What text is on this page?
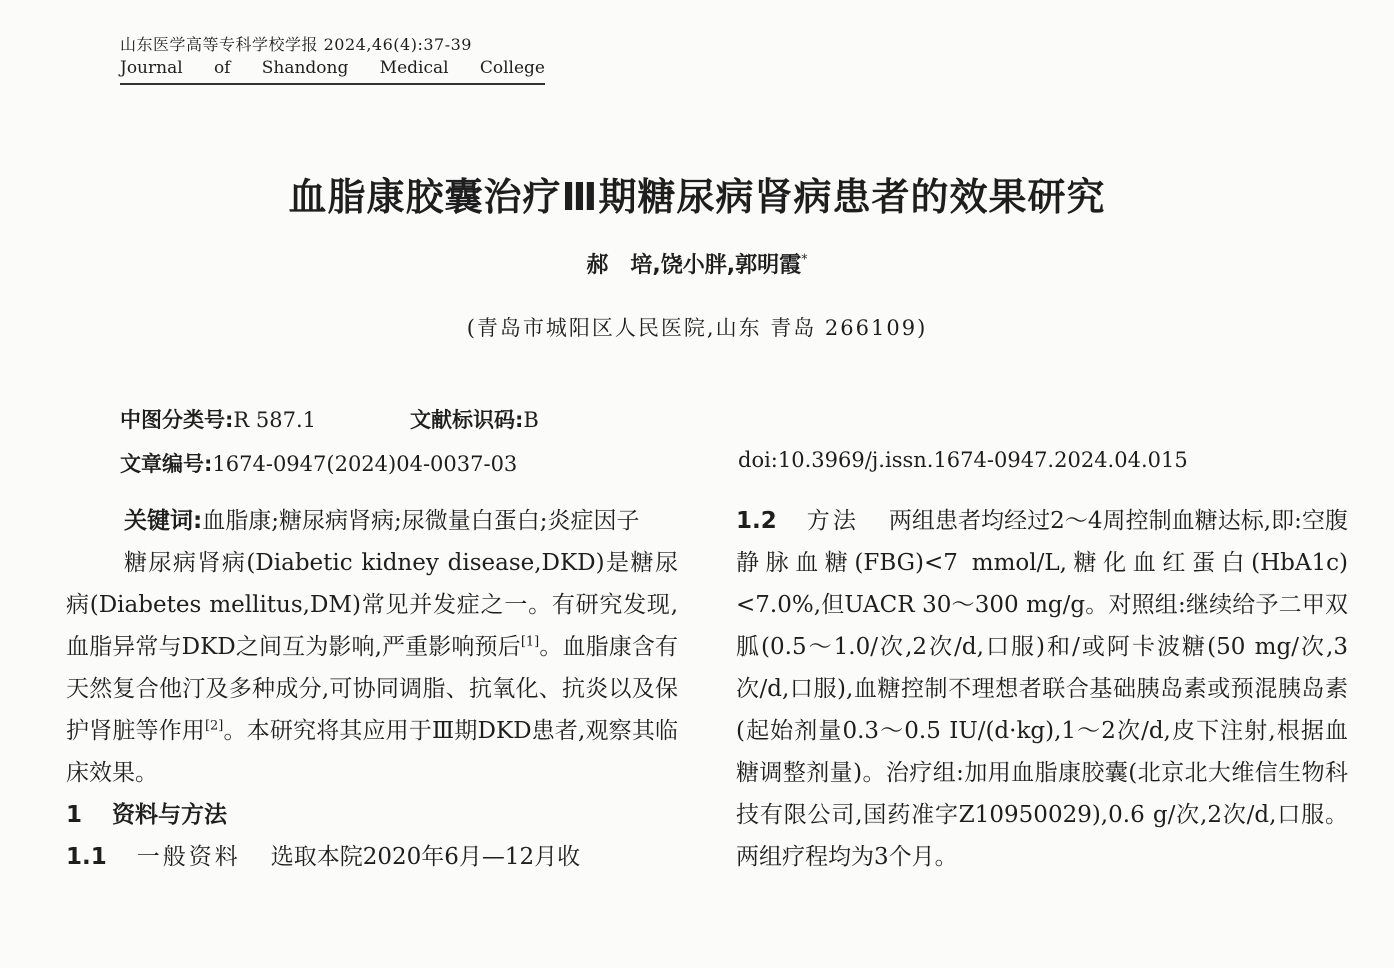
山东医学高等专科学校学报 2024,46(4):37-39
Journal of Shandong Medical College
血脂康胶囊治疗Ⅲ期糖尿病肾病患者的效果研究
郝　培,饶小胖,郭明霞*
(青岛市城阳区人民医院,山东 青岛 266109)
中图分类号:R 587.1	文献标识码:B
文章编号:1674-0947(2024)04-0037-03	doi:10.3969/j.issn.1674-0947.2024.04.015

关键词:血脂康;糖尿病肾病;尿微量白蛋白;炎症因子

糖尿病肾病(Diabetic kidney disease,DKD)是糖尿病(Diabetes mellitus,DM)常见并发症之一。有研究发现,血脂异常与DKD之间互为影响,严重影响预后[1]。血脂康含有天然复合他汀及多种成分,可协同调脂、抗氧化、抗炎以及保护肾脏等作用[2]。本研究将其应用于Ⅲ期DKD患者,观察其临床效果。

1 资料与方法

1.1 一般资料 选取本院2020年6月—12月收

1.2 方法 两组患者均经过2～4周控制血糖达标,即:空腹静脉血糖(FBG)<7 mmol/L,糖化血红蛋白(HbA1c)<7.0%,但UACR 30～300 mg/g。对照组:继续给予二甲双胍(0.5～1.0/次,2次/d,口服)和/或阿卡波糖(50 mg/次,3次/d,口服),血糖控制不理想者联合基础胰岛素或预混胰岛素(起始剂量0.3～0.5 IU/(d·kg),1～2次/d,皮下注射,根据血糖调整剂量)。治疗组:加用血脂康胶囊(北京北大维信生物科技有限公司,国药准字Z10950029),0.6 g/次,2次/d,口服。两组疗程均为3个月。
